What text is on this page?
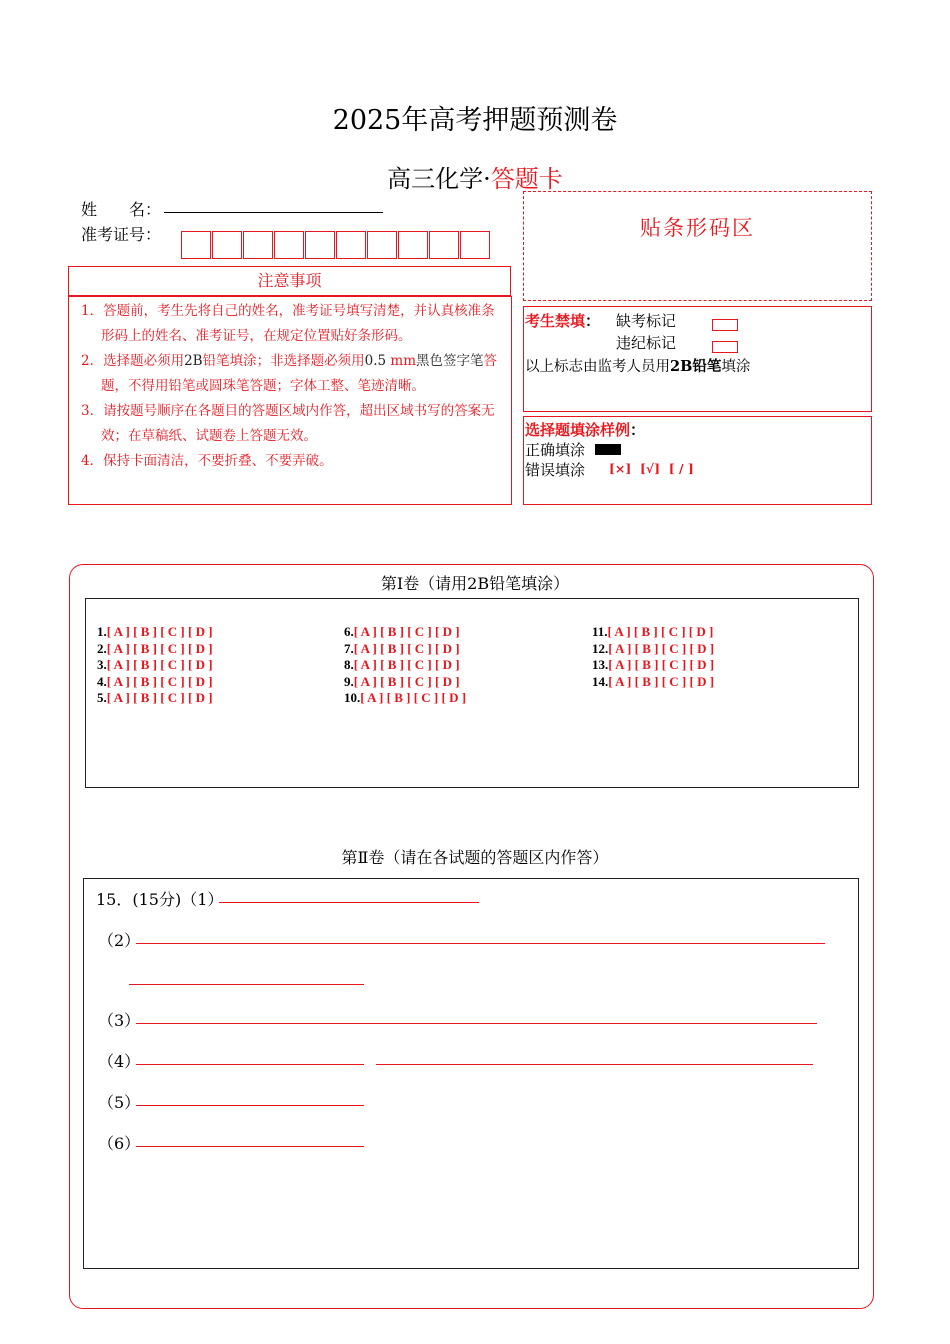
2025年高考押题预测卷
高三化学·答题卡
姓　　名：
准考证号：	贴条形码区
注意事项
1．答题前，考生先将自己的姓名，准考证号填写清楚，并认真核准条形码上的姓名、准考证号，在规定位置贴好条形码。
2．选择题必须用2B铅笔填涂；非选择题必须用0.5 mm黑色签字笔答题，不得用铅笔或圆珠笔答题；字体工整、笔迹清晰。
3．请按题号顺序在各题目的答题区域内作答，超出区域书写的答案无效；在草稿纸、试题卷上答题无效。
4．保持卡面清洁，不要折叠、不要弄破。
考生禁填： 缺考标记
违纪标记
以上标志由监考人员用2B铅笔填涂
选择题填涂样例：
正确填涂
错误填涂 [×]  [√]  [ / ]
第Ⅰ卷（请用2B铅笔填涂）
1.[ A ] [ B ] [ C ] [ D ]
2.[ A ] [ B ] [ C ] [ D ]
3.[ A ] [ B ] [ C ] [ D ]
4.[ A ] [ B ] [ C ] [ D ]
5.[ A ] [ B ] [ C ] [ D ]
6.[ A ] [ B ] [ C ] [ D ]
7.[ A ] [ B ] [ C ] [ D ]
8.[ A ] [ B ] [ C ] [ D ]
9.[ A ] [ B ] [ C ] [ D ]
10.[ A ] [ B ] [ C ] [ D ]
11.[ A ] [ B ] [ C ] [ D ]
12.[ A ] [ B ] [ C ] [ D ]
13.[ A ] [ B ] [ C ] [ D ]
14.[ A ] [ B ] [ C ] [ D ]
第Ⅱ卷（请在各试题的答题区内作答）
15．(15分)（1）
（2）
（3）
（4）
（5）
（6）
